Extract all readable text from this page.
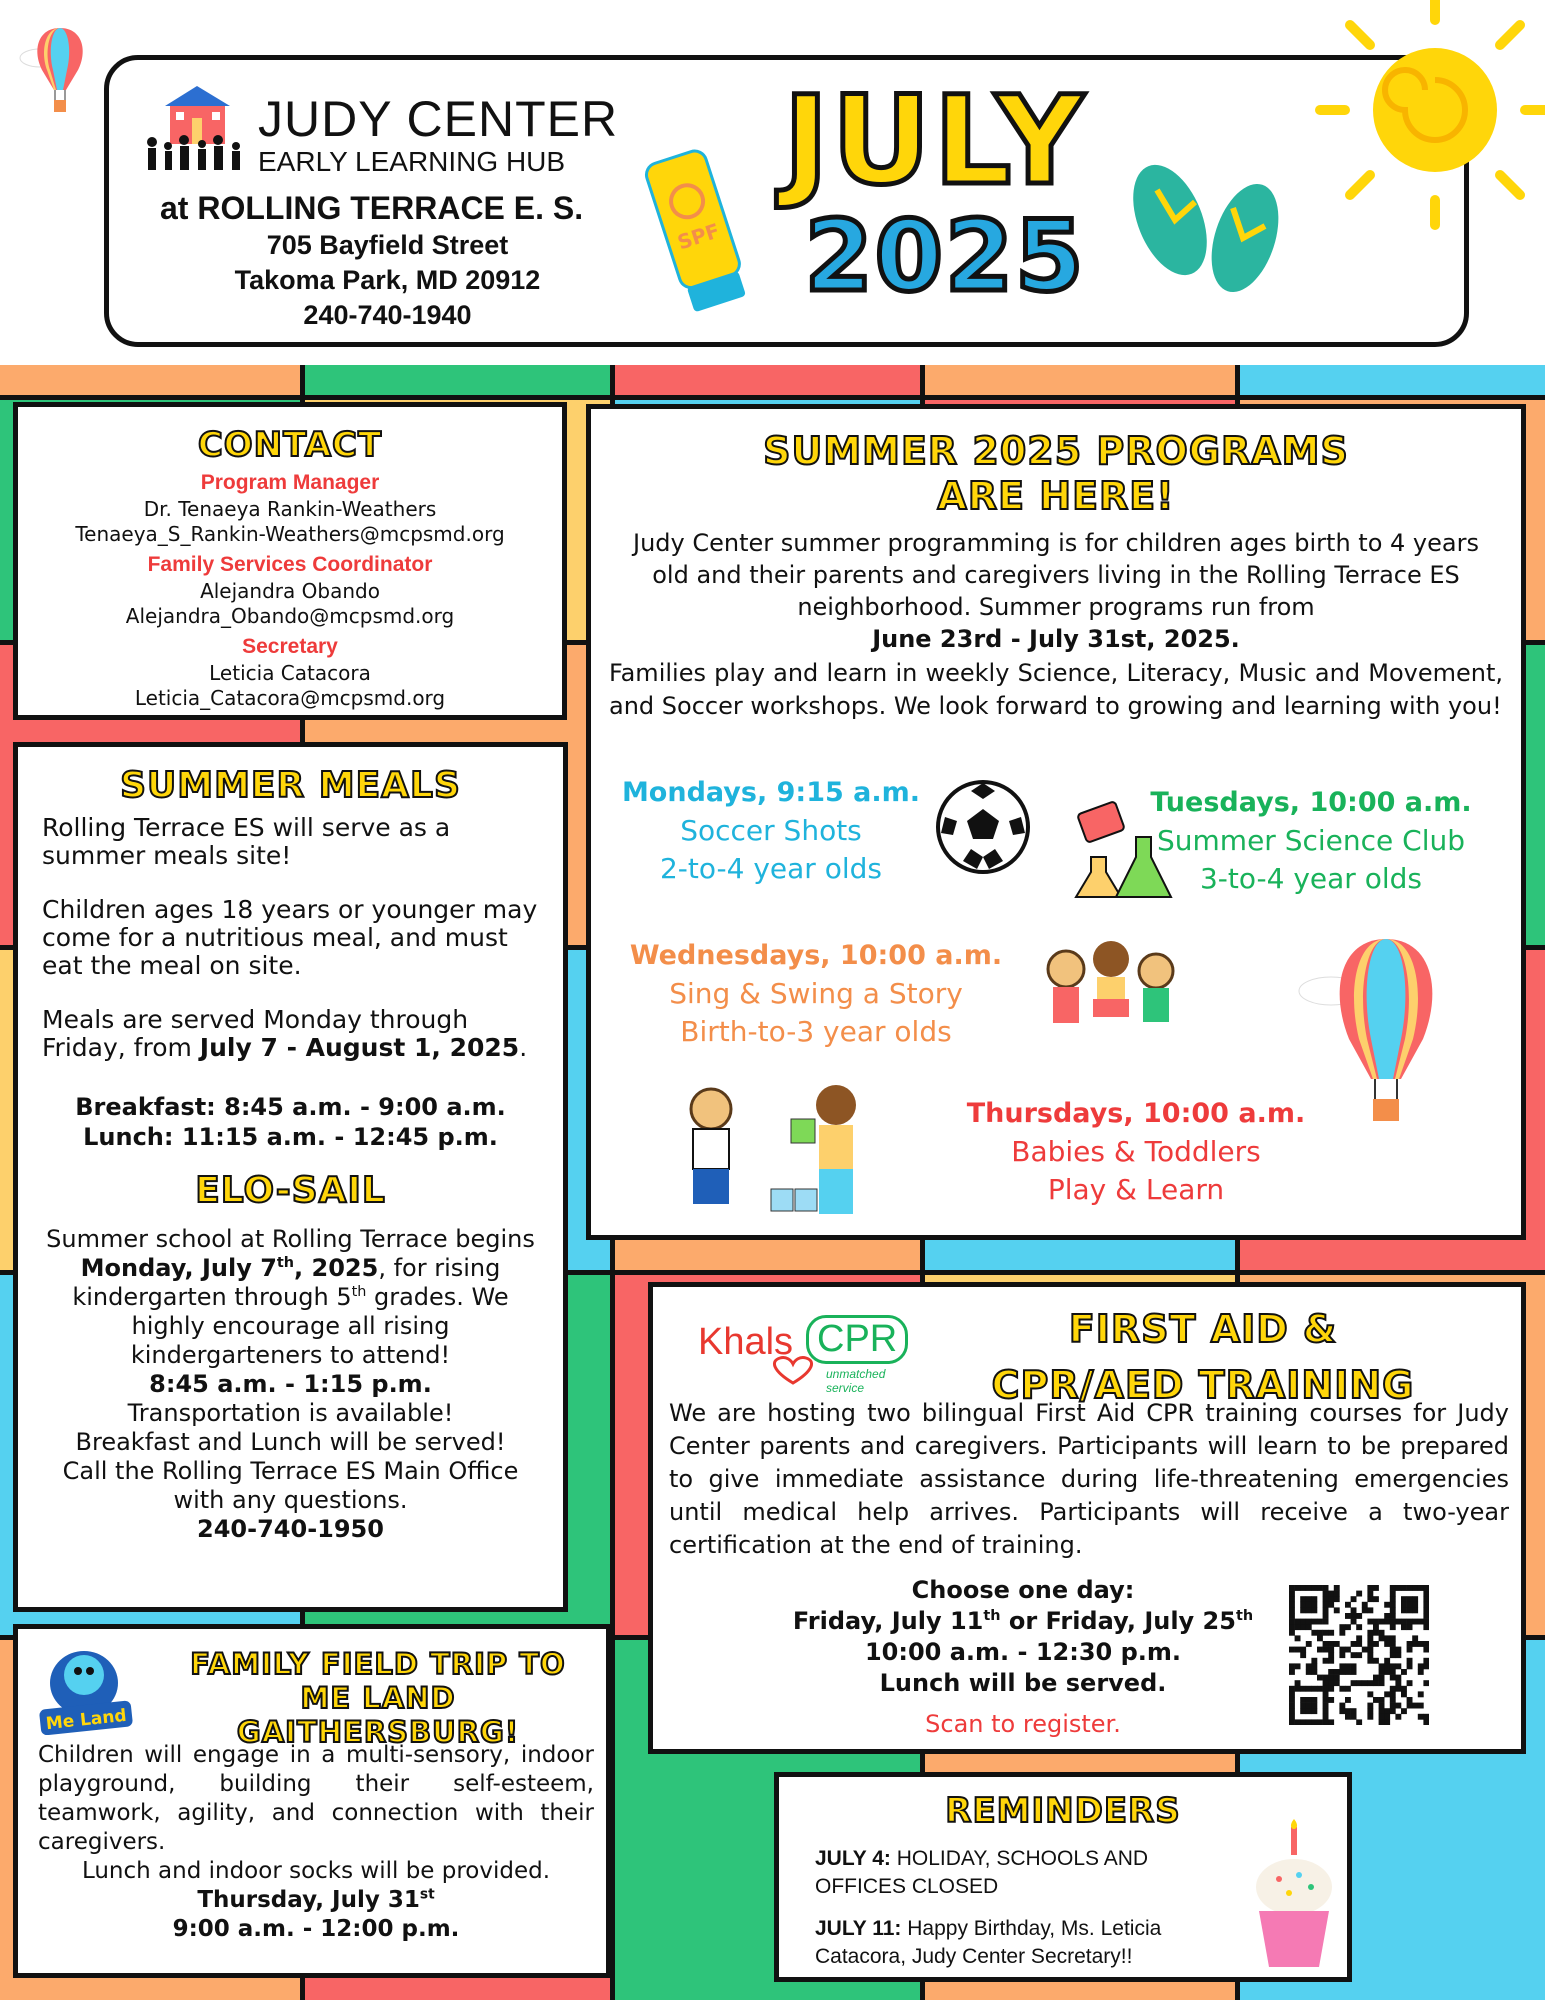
JUDY CENTER
EARLY LEARNING HUB
at ROLLING TERRACE E. S.
705 Bayfield Street
Takoma Park, MD 20912
240-740-1940
SPF
JULY
2025
CONTACT
Program Manager
Dr. Tenaeya Rankin-Weathers
Tenaeya_S_Rankin-Weathers@mcpsmd.org
Family Services Coordinator
Alejandra Obando
Alejandra_Obando@mcpsmd.org
Secretary
Leticia Catacora
Leticia_Catacora@mcpsmd.org
SUMMER MEALS

Rolling Terrace ES will serve as a summer meals site!

Children ages 18 years or younger may come for a nutritious meal, and must eat the meal on site.

Meals are served Monday through Friday, from July 7 - August 1, 2025.

Breakfast: 8:45 a.m. - 9:00 a.m.
Lunch: 11:15 a.m. - 12:45 p.m.
ELO-SAIL

Summer school at Rolling Terrace begins Monday, July 7th, 2025, for rising kindergarten through 5th grades. We highly encourage all rising kindergarteners to attend!

8:45 a.m. - 1:15 p.m.
Transportation is available!
Breakfast and Lunch will be served!
Call the Rolling Terrace ES Main Office with any questions.
240-740-1950
Me Land
FAMILY FIELD TRIP TO
ME LAND GAITHERSBURG!
Children will engage in a multi-sensory, indoor playground, building their self-esteem, teamwork, agility, and connection with their caregivers.
Lunch and indoor socks will be provided.
Thursday, July 31st
9:00 a.m. - 12:00 p.m.
SUMMER 2025 PROGRAMS
ARE HERE!

Judy Center summer programming is for children ages birth to 4 years old and their parents and caregivers living in the Rolling Terrace ES neighborhood. Summer programs run from
June 23rd - July 31st, 2025.

Families play and learn in weekly Science, Literacy, Music and Movement, and Soccer workshops. We look forward to growing and learning with you!

Mondays, 9:15 a.m.
Soccer Shots
2-to-4 year olds
Tuesdays, 10:00 a.m.
Summer Science Club
3-to-4 year olds
Wednesdays, 10:00 a.m.
Sing & Swing a Story
Birth-to-3 year olds
Thursdays, 10:00 a.m.
Babies & Toddlers
Play & Learn
Khals CPR
unmatched service
FIRST AID &
CPR/AED TRAINING

We are hosting two bilingual First Aid CPR training courses for Judy Center parents and caregivers. Participants will learn to be prepared to give immediate assistance during life-threatening emergencies until medical help arrives. Participants will receive a two-year certification at the end of training.

Choose one day:
Friday, July 11th or Friday, July 25th
10:00 a.m. - 12:30 p.m.
Lunch will be served.
Scan to register.
REMINDERS

JULY 4: HOLIDAY, SCHOOLS AND OFFICES CLOSED

JULY 11: Happy Birthday, Ms. Leticia Catacora, Judy Center Secretary!!
